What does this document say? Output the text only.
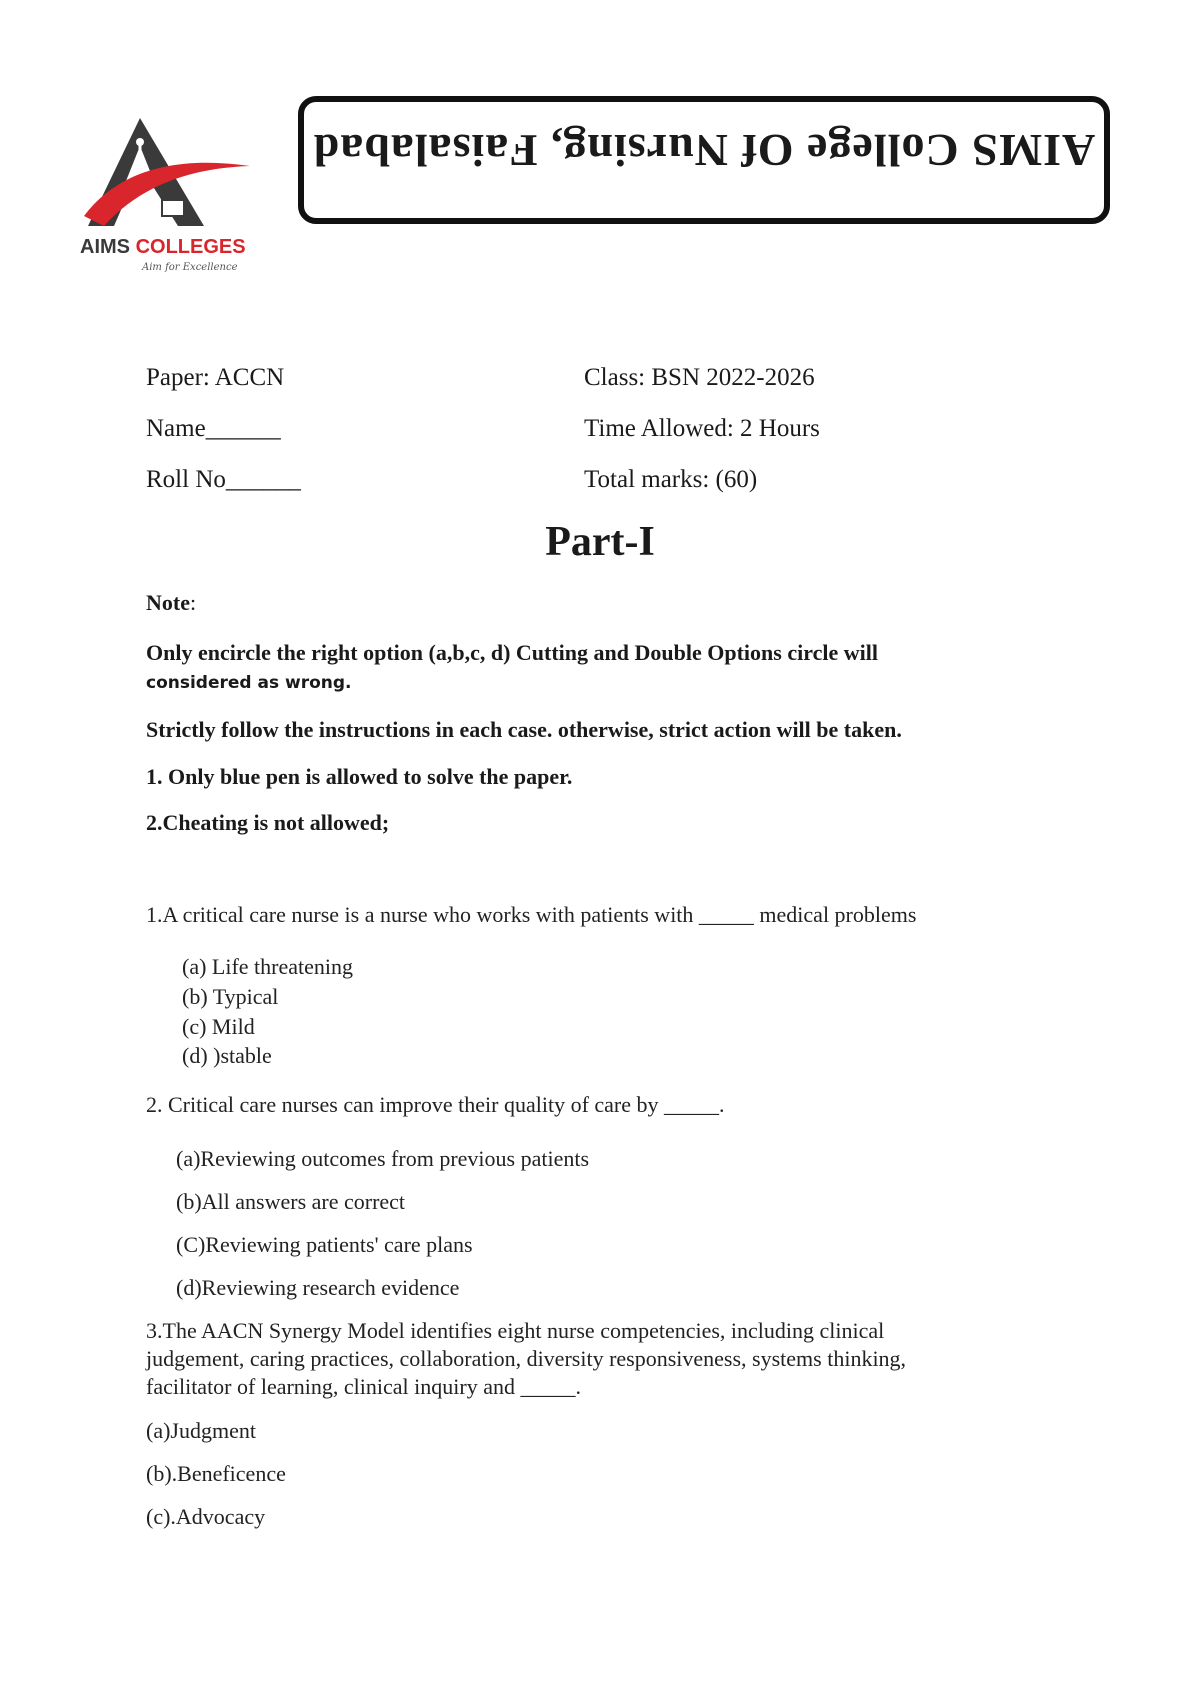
AIMS COLLEGES
Aim for Excellence
AIMS College Of Nursing, Faisalabad
Paper: ACCN	Class: BSN 2022-2026
Name______	Time Allowed: 2 Hours
Roll No______	Total marks: (60)
Part-I
Note:
Only encircle the right option (a,b,c, d) Cutting and Double Options circle will
considered as wrong.
Strictly follow the instructions in each case. otherwise, strict action will be taken.
1. Only blue pen is allowed to solve the paper.
2.Cheating is not allowed;
1.A critical care nurse is a nurse who works with patients with _____ medical problems
(a) Life threatening
(b) Typical
(c) Mild
(d) )stable
2. Critical care nurses can improve their quality of care by _____.
(a)Reviewing outcomes from previous patients
(b)All answers are correct
(C)Reviewing patients' care plans
(d)Reviewing research evidence
3.The AACN Synergy Model identifies eight nurse competencies, including clinical
judgement, caring practices, collaboration, diversity responsiveness, systems thinking,
facilitator of learning, clinical inquiry and _____.
(a)Judgment
(b).Beneficence
(c).Advocacy
